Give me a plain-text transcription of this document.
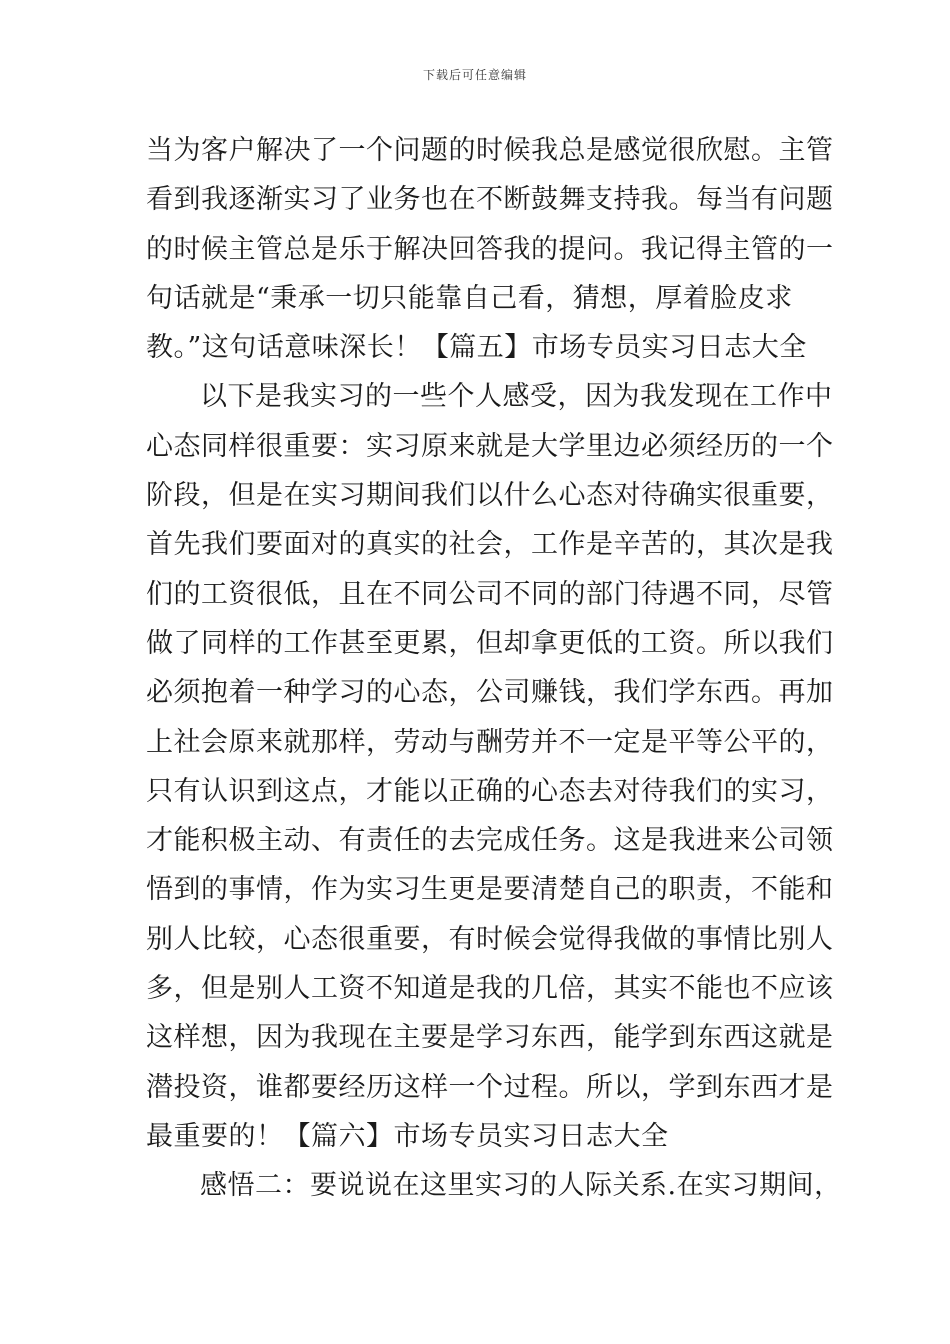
下载后可任意编辑
当为客户解决了一个问题的时候我总是感觉很欣慰。主管
看到我逐渐实习了业务也在不断鼓舞支持我。每当有问题
的时候主管总是乐于解决回答我的提问。我记得主管的一
句话就是“秉承一切只能靠自己看，猜想，厚着脸皮求
教。”这句话意味深长！【篇五】市场专员实习日志大全
以下是我实习的一些个人感受，因为我发现在工作中
心态同样很重要：实习原来就是大学里边必须经历的一个
阶段，但是在实习期间我们以什么心态对待确实很重要，
首先我们要面对的真实的社会，工作是辛苦的，其次是我
们的工资很低，且在不同公司不同的部门待遇不同，尽管
做了同样的工作甚至更累，但却拿更低的工资。所以我们
必须抱着一种学习的心态，公司赚钱，我们学东西。再加
上社会原来就那样，劳动与酬劳并不一定是平等公平的，
只有认识到这点，才能以正确的心态去对待我们的实习，
才能积极主动、有责任的去完成任务。这是我进来公司领
悟到的事情，作为实习生更是要清楚自己的职责，不能和
别人比较，心态很重要，有时候会觉得我做的事情比别人
多，但是别人工资不知道是我的几倍，其实不能也不应该
这样想，因为我现在主要是学习东西，能学到东西这就是
潜投资，谁都要经历这样一个过程。所以，学到东西才是
最重要的！【篇六】市场专员实习日志大全
感悟二：要说说在这里实习的人际关系.在实习期间，
